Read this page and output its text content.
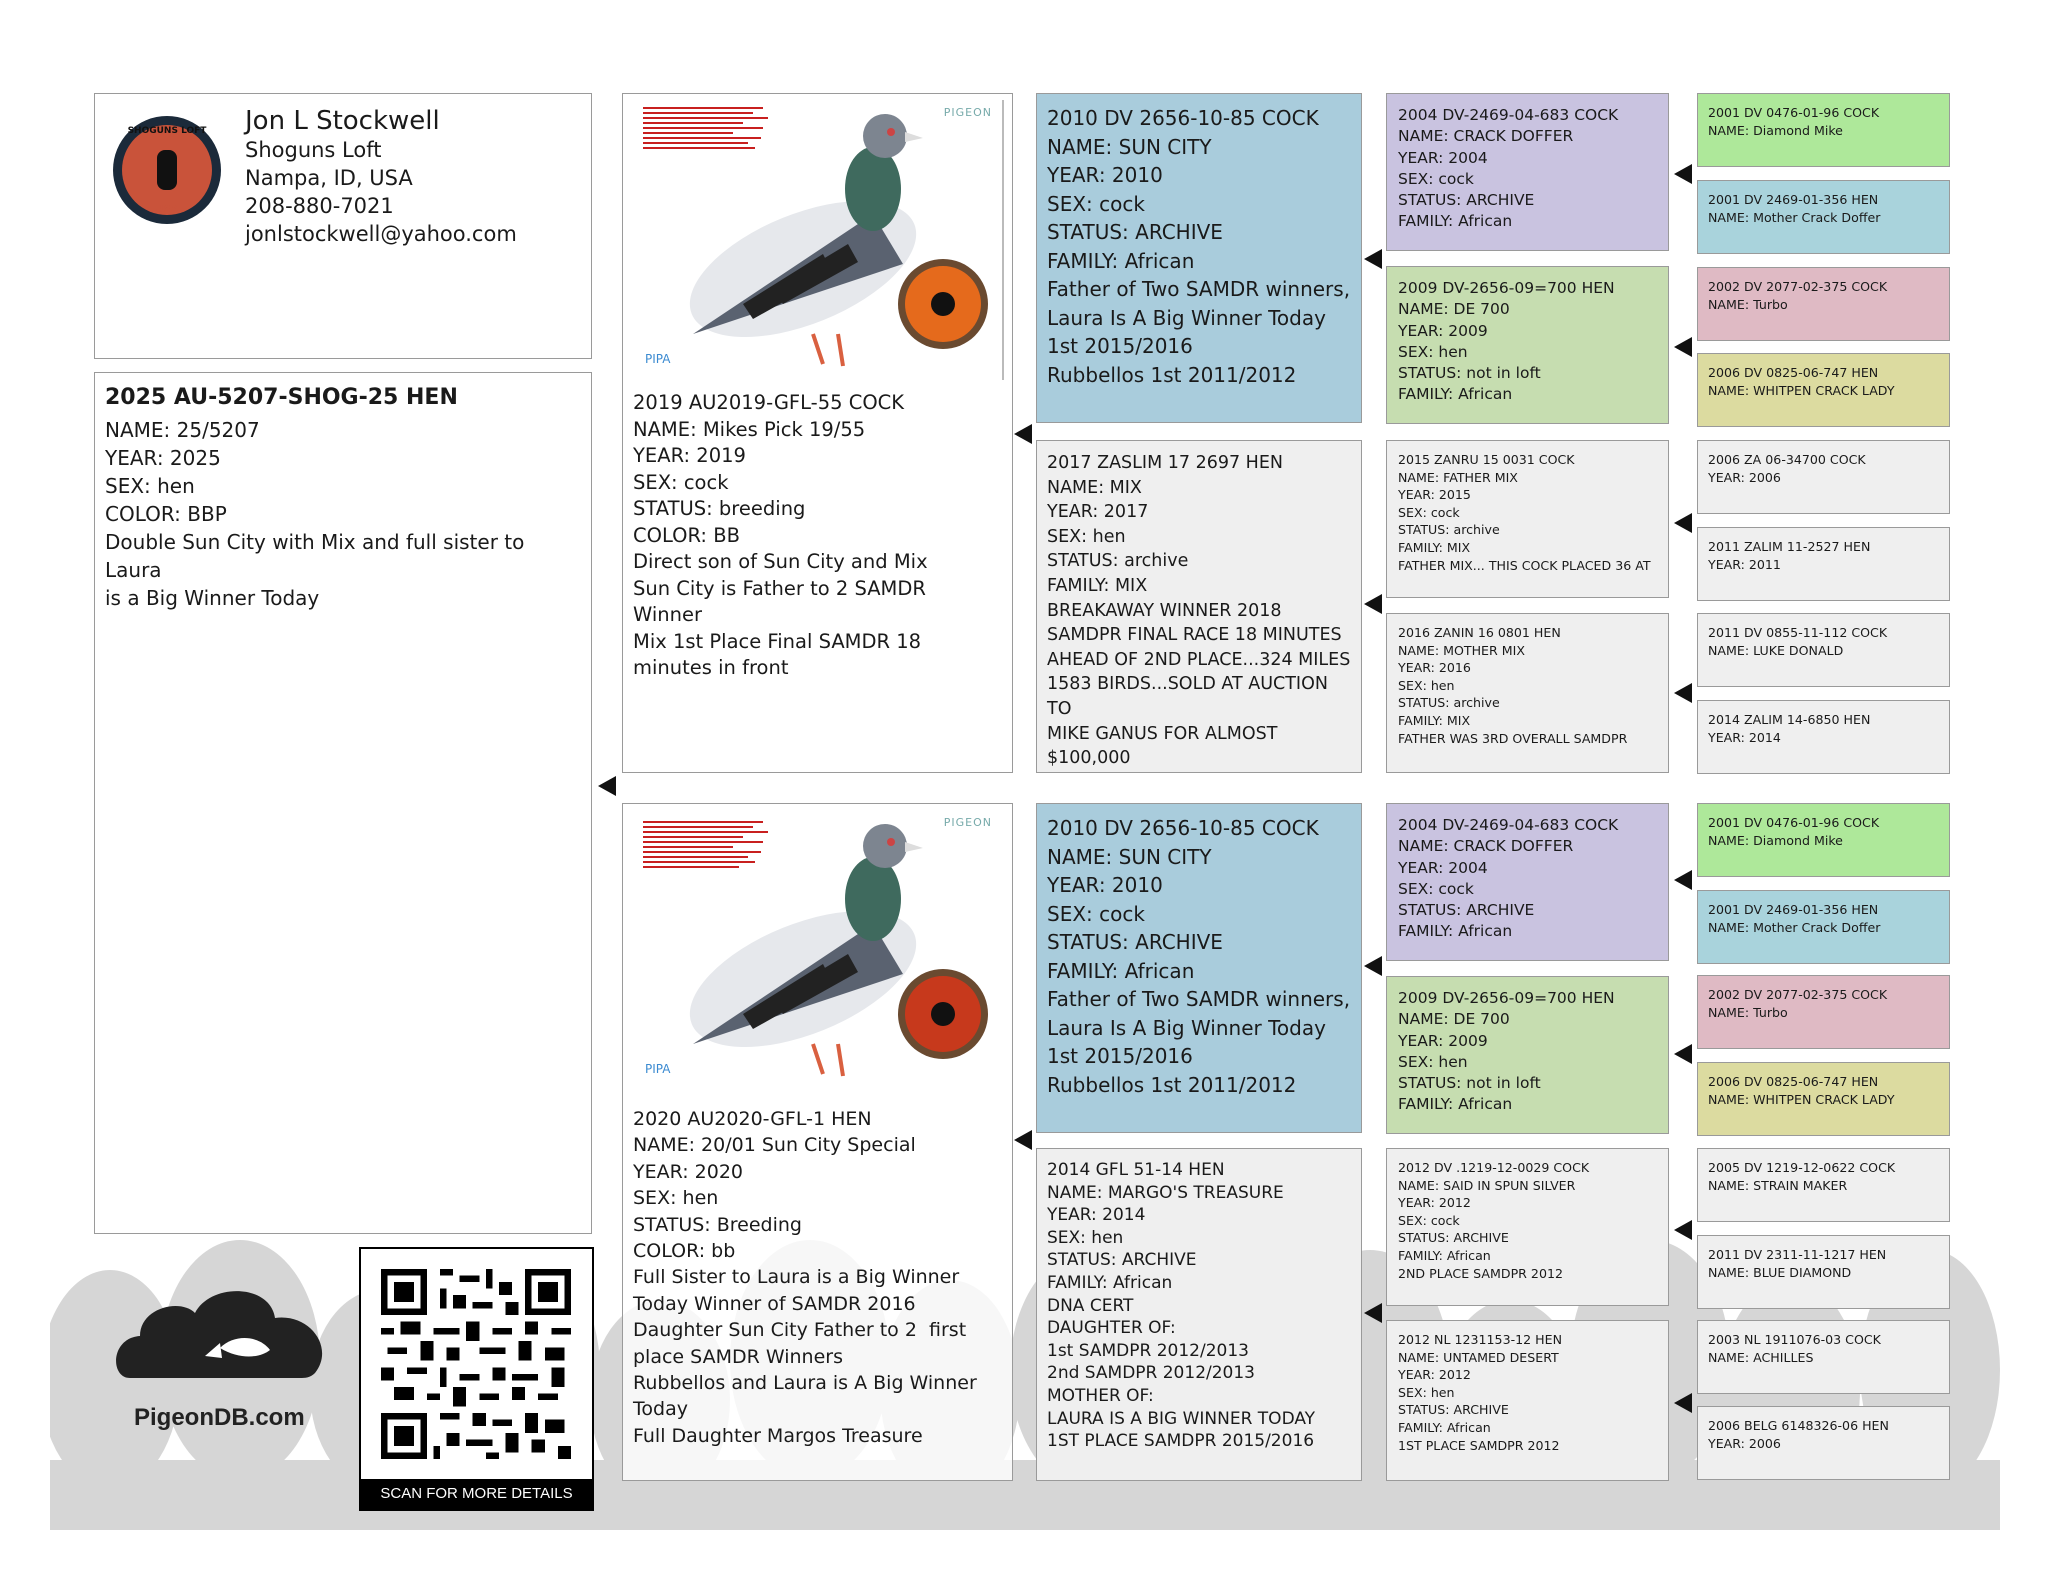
SHOGUNS LOFT
USA
Jon L Stockwell
Shoguns Loft
Nampa, ID, USA
208-880-7021
jonlstockwell@yahoo.com
2025 AU-5207-SHOG-25 HEN
NAME: 25/5207
YEAR: 2025
SEX: hen
COLOR: BBP
Double Sun City with Mix and full sister to Laura
is a Big Winner Today
PIGEON
PIPA
2019 AU2019-GFL-55 COCK
NAME: Mikes Pick 19/55
YEAR: 2019
SEX: cock
STATUS: breeding
COLOR: BB
Direct son of Sun City and Mix
Sun City is Father to 2 SAMDR
Winner
Mix 1st Place Final SAMDR 18
minutes in front
PIGEON
PIPA
2020 AU2020-GFL-1 HEN
NAME: 20/01 Sun City Special
YEAR: 2020
SEX: hen
STATUS: Breeding
COLOR: bb
Full Sister to Laura is a Big Winner
Today Winner of SAMDR 2016
Daughter Sun City Father to 2  first
place SAMDR Winners
Rubbellos and Laura is A Big Winner
Today
Full Daughter Margos Treasure
2010 DV 2656-10-85 COCK
NAME: SUN CITY
YEAR: 2010
SEX: cock
STATUS: ARCHIVE
FAMILY: African
Father of Two SAMDR winners,
Laura Is A Big Winner Today
1st 2015/2016
Rubbellos 1st 2011/2012
2017 ZASLIM 17 2697 HEN
NAME: MIX
YEAR: 2017
SEX: hen
STATUS: archive
FAMILY: MIX
BREAKAWAY WINNER 2018
SAMDPR FINAL RACE 18 MINUTES
AHEAD OF 2ND PLACE...324 MILES
1583 BIRDS...SOLD AT AUCTION TO
MIKE GANUS FOR ALMOST
$100,000
2010 DV 2656-10-85 COCK
NAME: SUN CITY
YEAR: 2010
SEX: cock
STATUS: ARCHIVE
FAMILY: African
Father of Two SAMDR winners,
Laura Is A Big Winner Today
1st 2015/2016
Rubbellos 1st 2011/2012
2014 GFL 51-14 HEN
NAME: MARGO'S TREASURE
YEAR: 2014
SEX: hen
STATUS: ARCHIVE
FAMILY: African
DNA CERT
DAUGHTER OF:
1st SAMDPR 2012/2013
2nd SAMDPR 2012/2013
MOTHER OF:
LAURA IS A BIG WINNER TODAY
1ST PLACE SAMDPR 2015/2016
2004 DV-2469-04-683 COCK
NAME: CRACK DOFFER
YEAR: 2004
SEX: cock
STATUS: ARCHIVE
FAMILY: African
2009 DV-2656-09=700 HEN
NAME: DE 700
YEAR: 2009
SEX: hen
STATUS: not in loft
FAMILY: African
2015 ZANRU 15 0031 COCK
NAME: FATHER MIX
YEAR: 2015
SEX: cock
STATUS: archive
FAMILY: MIX
FATHER MIX... THIS COCK PLACED 36 AT
2016 ZANIN 16 0801 HEN
NAME: MOTHER MIX
YEAR: 2016
SEX: hen
STATUS: archive
FAMILY: MIX
FATHER WAS 3RD OVERALL SAMDPR
2004 DV-2469-04-683 COCK
NAME: CRACK DOFFER
YEAR: 2004
SEX: cock
STATUS: ARCHIVE
FAMILY: African
2009 DV-2656-09=700 HEN
NAME: DE 700
YEAR: 2009
SEX: hen
STATUS: not in loft
FAMILY: African
2012 DV .1219-12-0029 COCK
NAME: SAID IN SPUN SILVER
YEAR: 2012
SEX: cock
STATUS: ARCHIVE
FAMILY: African
2ND PLACE SAMDPR 2012
2012 NL 1231153-12 HEN
NAME: UNTAMED DESERT
YEAR: 2012
SEX: hen
STATUS: ARCHIVE
FAMILY: African
1ST PLACE SAMDPR 2012
2001 DV 0476-01-96 COCK
NAME: Diamond Mike
2001 DV 2469-01-356 HEN
NAME: Mother Crack Doffer
2002 DV 2077-02-375 COCK
NAME: Turbo
2006 DV 0825-06-747 HEN
NAME: WHITPEN CRACK LADY
2006 ZA 06-34700 COCK
YEAR: 2006
2011 ZALIM 11-2527 HEN
YEAR: 2011
2011 DV 0855-11-112 COCK
NAME: LUKE DONALD
2014 ZALIM 14-6850 HEN
YEAR: 2014
2001 DV 0476-01-96 COCK
NAME: Diamond Mike
2001 DV 2469-01-356 HEN
NAME: Mother Crack Doffer
2002 DV 2077-02-375 COCK
NAME: Turbo
2006 DV 0825-06-747 HEN
NAME: WHITPEN CRACK LADY
2005 DV 1219-12-0622 COCK
NAME: STRAIN MAKER
2011 DV 2311-11-1217 HEN
NAME: BLUE DIAMOND
2003 NL 1911076-03 COCK
NAME: ACHILLES
2006 BELG 6148326-06 HEN
YEAR: 2006
PigeonDB.com
SCAN FOR MORE DETAILS
